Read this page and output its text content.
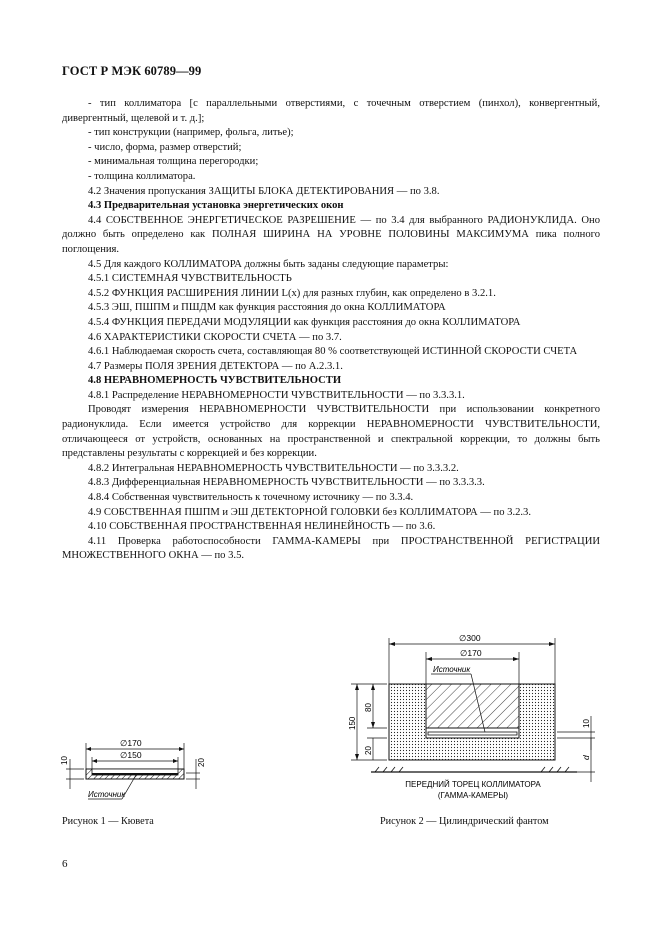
ГОСТ Р МЭК 60789—99

- тип коллиматора [с параллельными отверстиями, с точечным отверстием (пинхол), конвергентный, дивергентный, щелевой и т. д.];

- тип конструкции (например, фольга, литье);

- число, форма, размер отверстий;

- минимальная толщина перегородки;

- толщина коллиматора.

4.2 Значения пропускания ЗАЩИТЫ БЛОКА ДЕТЕКТИРОВАНИЯ — по 3.8.

4.3 Предварительная установка энергетических окон

4.4 СОБСТВЕННОЕ ЭНЕРГЕТИЧЕСКОЕ РАЗРЕШЕНИЕ — по 3.4 для выбранного РАДИОНУКЛИДА. Оно должно быть определено как ПОЛНАЯ ШИРИНА НА УРОВНЕ ПОЛОВИНЫ МАКСИМУМА пика полного поглощения.

4.5 Для каждого КОЛЛИМАТОРА должны быть заданы следующие параметры:

4.5.1 СИСТЕМНАЯ ЧУВСТВИТЕЛЬНОСТЬ

4.5.2 ФУНКЦИЯ РАСШИРЕНИЯ ЛИНИИ L(x) для разных глубин, как определено в 3.2.1.

4.5.3 ЭШ, ПШПМ и ПШДМ как функция расстояния до окна КОЛЛИМАТОРА

4.5.4 ФУНКЦИЯ ПЕРЕДАЧИ МОДУЛЯЦИИ как функция расстояния до окна КОЛЛИМАТОРА

4.6 ХАРАКТЕРИСТИКИ СКОРОСТИ СЧЕТА — по 3.7.

4.6.1 Наблюдаемая скорость счета, составляющая 80 % соответствующей ИСТИННОЙ СКОРОСТИ СЧЕТА

4.7 Размеры ПОЛЯ ЗРЕНИЯ ДЕТЕКТОРА — по А.2.3.1.

4.8 НЕРАВНОМЕРНОСТЬ ЧУВСТВИТЕЛЬНОСТИ

4.8.1 Распределение НЕРАВНОМЕРНОСТИ ЧУВСТВИТЕЛЬНОСТИ — по 3.3.3.1.

Проводят измерения НЕРАВНОМЕРНОСТИ ЧУВСТВИТЕЛЬНОСТИ при использовании конкретного радионуклида. Если имеется устройство для коррекции НЕРАВНОМЕРНОСТИ ЧУВСТВИТЕЛЬНОСТИ, отличающееся от устройств, основанных на пространственной и спектральной коррекции, то должны быть представлены результаты с коррекцией и без коррекции.

4.8.2 Интегральная НЕРАВНОМЕРНОСТЬ ЧУВСТВИТЕЛЬНОСТИ — по 3.3.3.2.

4.8.3 Дифференциальная НЕРАВНОМЕРНОСТЬ ЧУВСТВИТЕЛЬНОСТИ — по 3.3.3.3.

4.8.4 Собственная чувствительность к точечному источнику — по 3.3.4.

4.9 СОБСТВЕННАЯ ПШПМ и ЭШ ДЕТЕКТОРНОЙ ГОЛОВКИ без КОЛЛИМАТОРА — по 3.2.3.

4.10 СОБСТВЕННАЯ ПРОСТРАНСТВЕННАЯ НЕЛИНЕЙНОСТЬ — по 3.6.

4.11 Проверка работоспособности ГАММА-КАМЕРЫ при ПРОСТРАНСТВЕННОЙ РЕГИСТРАЦИИ МНОЖЕСТВЕННОГО ОКНА — по 3.5.

∅170
∅150
10	20
Источник
∅300
∅170
Источник
150
80
20
10
d
ПЕРЕДНИЙ ТОРЕЦ КОЛЛИМАТОРА
(ГАММА-КАМЕРЫ)
Рисунок 1 — Кювета	Рисунок 2 — Цилиндрический фантом
6
